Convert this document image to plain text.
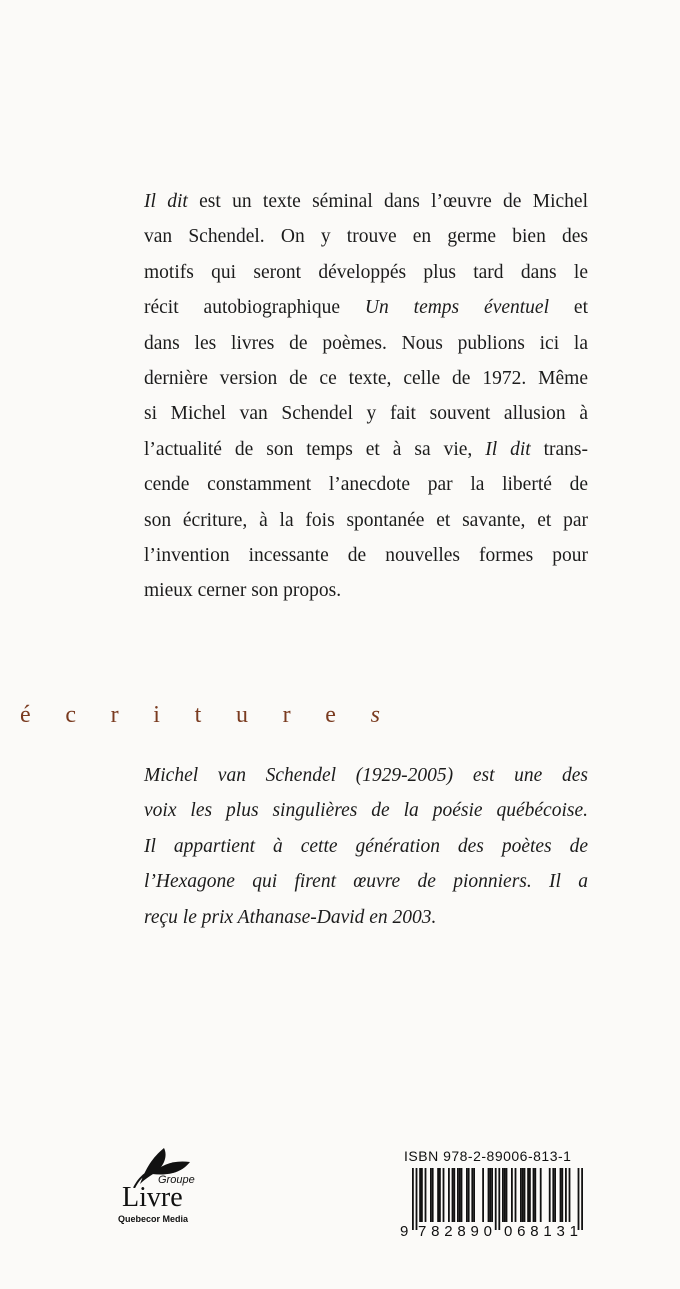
Il dit est un texte séminal dans l’œuvre de Michel
van Schendel. On y trouve en germe bien des
motifs qui seront développés plus tard dans le
récit autobiographique Un temps éventuel et
dans les livres de poèmes. Nous publions ici la
dernière version de ce texte, celle de 1972. Même
si Michel van Schendel y fait souvent allusion à
l’actualité de son temps et à sa vie, Il dit trans-
cende constamment l’anecdote par la liberté de
son écriture, à la fois spontanée et savante, et par
l’invention incessante de nouvelles formes pour
mieux cerner son propos.
é c r i t u r e s
Michel van Schendel (1929-2005) est une des
voix les plus singulières de la poésie québécoise.
Il appartient à cette génération des poètes de
l’Hexagone qui firent œuvre de pionniers. Il a
reçu le prix Athanase-David en 2003.
Groupe
Livre
Quebecor Media
ISBN 978-2-89006-813-1
9 782890 068131
